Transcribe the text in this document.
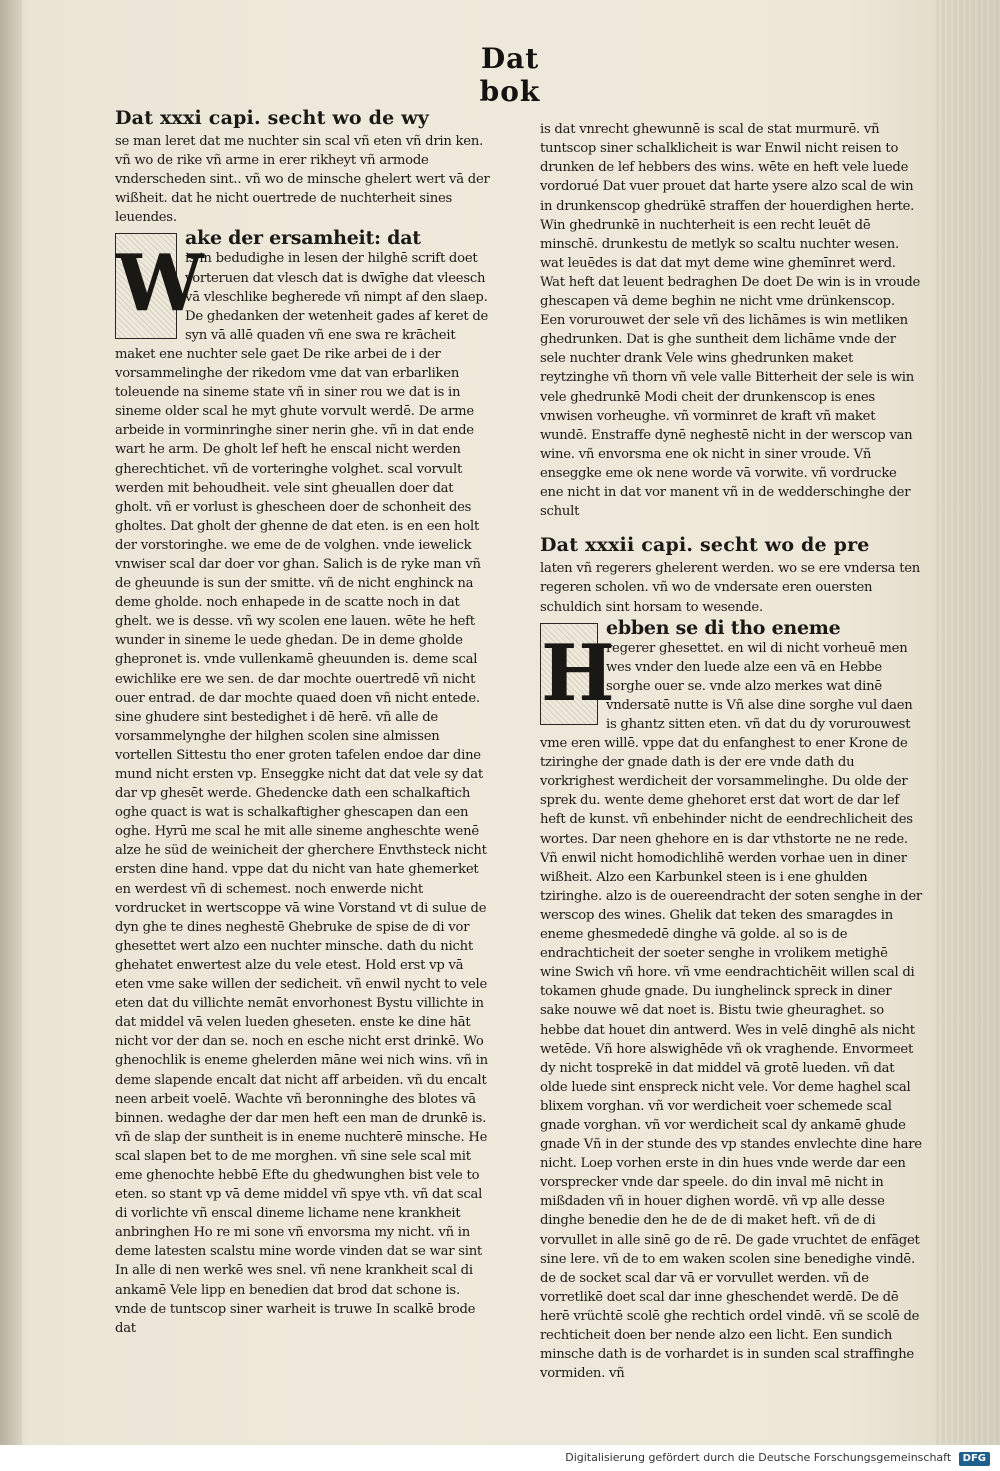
Dat bok
Dat xxxi capi. secht wo de wy

se man leret dat me nuchter sin scal vñ eten vñ drin ken. vñ wo de rike vñ arme in erer rikheyt vñ armode vnderscheden sint.. vñ wo de minsche ghelert wert vā der wißheit. dat he nicht ouertrede de nuchterheit sines leuendes.

W
ake der ersamheit: dat

is in bedudighe in lesen der hilghē scrift doet vorteruen dat vlesch dat is dwīghe dat vleesch vā vleschlike begherede vñ nimpt af den slaep. De ghedanken der wetenheit gades af keret de syn vā allē quaden vñ ene swa re krācheit maket ene nuchter sele gaet De rike arbei de i der vorsammelinghe der rikedom vme dat van erbarliken toleuende na sineme state vñ in siner rou we dat is in sineme older scal he myt ghute vorvult werdē. De arme arbeide in vorminringhe siner nerin ghe. vñ in dat ende wart he arm. De gholt lef heft he enscal nicht werden gherechtichet. vñ de vorteringhe volghet. scal vorvult werden mit behoudheit. vele sint gheuallen doer dat gholt. vñ er vorlust is ghescheen doer de schonheit des gholtes. Dat gholt der ghenne de dat eten. is en een holt der vorstoringhe. we eme de de volghen. vnde iewelick vnwiser scal dar doer vor ghan. Salich is de ryke man vñ de gheuunde is sun der smitte. vñ de nicht enghinck na deme gholde. noch enhapede in de scatte noch in dat ghelt. we is desse. vñ wy scolen ene lauen. wēte he heft wunder in sineme le uede ghedan. De in deme gholde ghepronet is. vnde vullenkamē gheuunden is. deme scal ewichlike ere we sen. de dar mochte ouertredē vñ nicht ouer entrad. de dar mochte quaed doen vñ nicht entede. sine ghudere sint bestedighet i dē herē. vñ alle de vorsammelynghe der hilghen scolen sine almissen vortellen Sittestu tho ener groten tafelen endoe dar dine mund nicht ersten vp. Enseggke nicht dat dat vele sy dat dar vp ghesēt werde. Ghedencke dath een schalkaftich oghe quact is wat is schalkaftigher ghescapen dan een oghe. Hyrū me scal he mit alle sineme angheschte wenē alze he süd de weinicheit der gherchere Envthsteck nicht ersten dine hand. vppe dat du nicht van hate ghemerket en werdest vñ di schemest. noch enwerde nicht vordrucket in wertscoppe vā wine Vorstand vt di sulue de dyn ghe te dines neghestē Ghebruke de spise de di vor ghesettet wert alzo een nuchter minsche. dath du nicht ghehatet enwertest alze du vele etest. Hold erst vp vā eten vme sake willen der sedicheit. vñ enwil nycht to vele eten dat du villichte nemāt envorhonest Bystu villichte in dat middel vā velen lueden gheseten. enste ke dine hāt nicht vor der dan se. noch en esche nicht erst drinkē. Wo ghenochlik is eneme ghelerden māne wei nich wins. vñ in deme slapende encalt dat nicht aff arbeiden. vñ du encalt neen arbeit voelē. Wachte vñ beronninghe des blotes vā binnen. wedaghe der dar men heft een man de drunkē is. vñ de slap der suntheit is in eneme nuchterē minsche. He scal slapen bet to de me morghen. vñ sine sele scal mit eme ghenochte hebbē Efte du ghedwunghen bist vele to eten. so stant vp vā deme middel vñ spye vth. vñ dat scal di vorlichte vñ enscal dineme lichame nene krankheit anbringhen Ho re mi sone vñ envorsma my nicht. vñ in deme latesten scalstu mine worde vinden dat se war sint In alle di nen werkē wes snel. vñ nene krankheit scal di ankamē Vele lipp en benedien dat brod dat schone is. vnde de tuntscop siner warheit is truwe In scalkē brode dat

is dat vnrecht ghewunnē is scal de stat murmurē. vñ tuntscop siner schalklicheit is war Enwil nicht reisen to drunken de lef hebbers des wins. wēte en heft vele luede vordorué Dat vuer prouet dat harte ysere alzo scal de win in drunkenscop ghedrükē straffen der houerdighen herte. Win ghedrunkē in nuchterheit is een recht leuēt dē minschē. drunkestu de metlyk so scaltu nuchter wesen. wat leuēdes is dat dat myt deme wine ghemīnret werd. Wat heft dat leuent bedraghen De doet De win is in vroude ghescapen vā deme beghin ne nicht vme drünkenscop. Een vorurouwet der sele vñ des lichāmes is win metliken ghedrunken. Dat is ghe suntheit dem lichāme vnde der sele nuchter drank Vele wins ghedrunken maket reytzinghe vñ thorn vñ vele valle Bitterheit der sele is win vele ghedrunkē Modi cheit der drunkenscop is enes vnwisen vorheughe. vñ vorminret de kraft vñ maket wundē. Enstraffe dynē neghestē nicht in der werscop van wine. vñ envorsma ene ok nicht in siner vroude. Vñ enseggke eme ok nene worde vā vorwite. vñ vordrucke ene nicht in dat vor manent vñ in de wedderschinghe der schult

Dat xxxii capi. secht wo de pre

laten vñ regerers ghelerent werden. wo se ere vndersa ten regeren scholen. vñ wo de vndersate eren ouersten schuldich sint horsam to wesende.

H
ebben se di tho eneme

regerer ghesettet. en wil di nicht vorheuē men wes vnder den luede alze een vā en Hebbe sorghe ouer se. vnde alzo merkes wat dinē vndersatē nutte is Vñ alse dine sorghe vul daen is ghantz sitten eten. vñ dat du dy vorurouwest vme eren willē. vppe dat du enfanghest to ener Krone de tziringhe der gnade dath is der ere vnde dath du vorkrighest werdicheit der vorsammelinghe. Du olde der sprek du. wente deme ghehoret erst dat wort de dar lef heft de kunst. vñ enbehinder nicht de eendrechlicheit des wortes. Dar neen ghehore en is dar vthstorte ne ne rede. Vñ enwil nicht homodichlihē werden vorhae uen in diner wißheit. Alzo een Karbunkel steen is i ene ghulden tziringhe. alzo is de ouereendracht der soten senghe in der werscop des wines. Ghelik dat teken des smaragdes in eneme ghesmededē dinghe vā golde. al so is de endrachticheit der soeter senghe in vrolikem metighē wine Swich vñ hore. vñ vme eendrachtichēit willen scal di tokamen ghude gnade. Du iunghelinck spreck in diner sake nouwe wē dat noet is. Bistu twie gheuraghet. so hebbe dat houet din antwerd. Wes in velē dinghē als nicht wetēde. Vñ hore alswighēde vñ ok vraghende. Envormeet dy nicht tosprekē in dat middel vā grotē lueden. vñ dat olde luede sint enspreck nicht vele. Vor deme haghel scal blixem vorghan. vñ vor werdicheit voer schemede scal gnade vorghan. vñ vor werdicheit scal dy ankamē ghude gnade Vñ in der stunde des vp standes envlechte dine hare nicht. Loep vorhen erste in din hues vnde werde dar een vorsprecker vnde dar speele. do din inval mē nicht in mißdaden vñ in houer dighen wordē. vñ vp alle desse dinghe benedie den he de de di maket heft. vñ de di vorvullet in alle sinē go de rē. De gade vruchtet de enfāget sine lere. vñ de to em waken scolen sine benedighe vindē. de de socket scal dar vā er vorvullet werden. vñ de vorretlikē doet scal dar inne gheschendet werdē. De dē herē vrüchtē scolē ghe rechtich ordel vindē. vñ se scolē de rechticheit doen ber nende alzo een licht. Een sundich minsche dath is de vorhardet is in sunden scal straffinghe vormiden. vñ

Digitalisierung gefördert durch die Deutsche Forschungsgemeinschaft DFG
